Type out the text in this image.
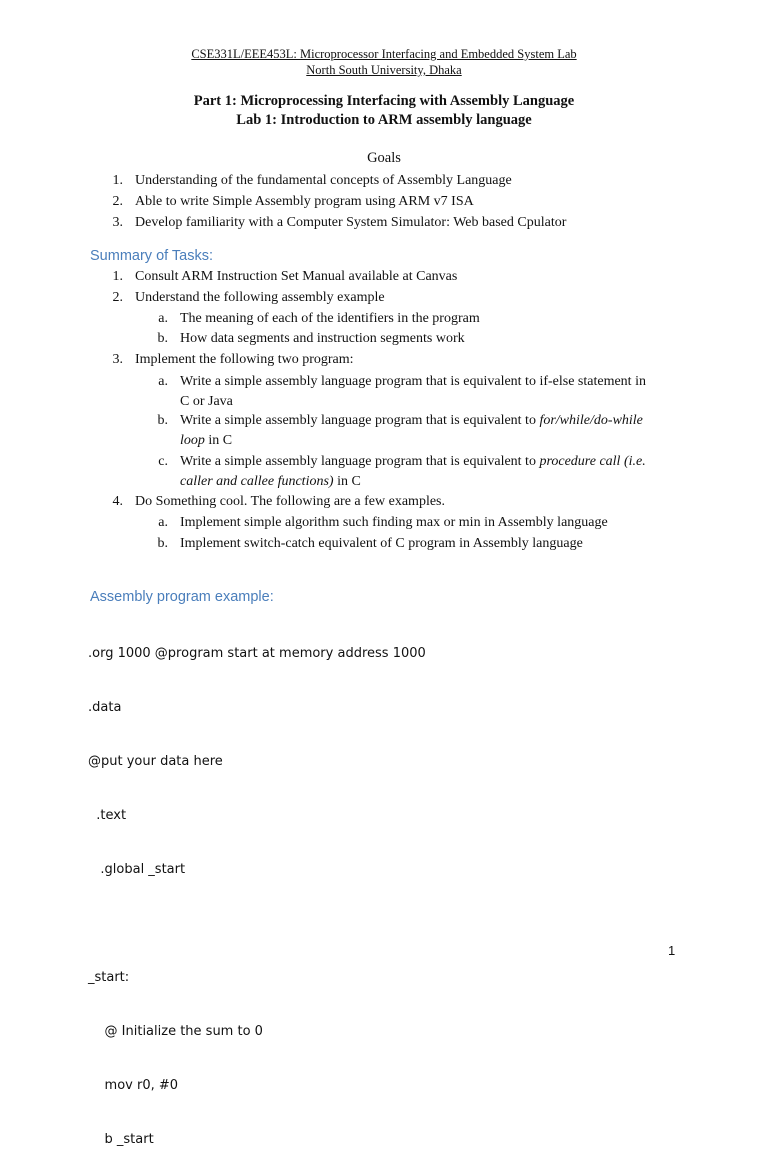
CSE331L/EEE453L: Microprocessor Interfacing and Embedded System Lab
North South University, Dhaka
Part 1: Microprocessing Interfacing with Assembly Language
Lab 1: Introduction to ARM assembly language
Goals
1. Understanding of the fundamental concepts of Assembly Language
2. Able to write Simple Assembly program using ARM v7 ISA
3. Develop familiarity with a Computer System Simulator: Web based Cpulator
Summary of Tasks:
1. Consult ARM Instruction Set Manual available at Canvas
2. Understand the following assembly example
a. The meaning of each of the identifiers in the program
b. How data segments and instruction segments work
3. Implement the following two program:
a. Write a simple assembly language program that is equivalent to if-else statement in
C or Java
b. Write a simple assembly language program that is equivalent to for/while/do-while
loop in C
c. Write a simple assembly language program that is equivalent to procedure call (i.e.
caller and callee functions) in C
4. Do Something cool. The following are a few examples.
a. Implement simple algorithm such finding max or min in Assembly language
b. Implement switch-catch equivalent of C program in Assembly language
Assembly program example:

.org 1000 @program start at memory address 1000

.data

@put your data here

.text

.global _start

_start:

@ Initialize the sum to 0

mov r0, #0

b _start

1
